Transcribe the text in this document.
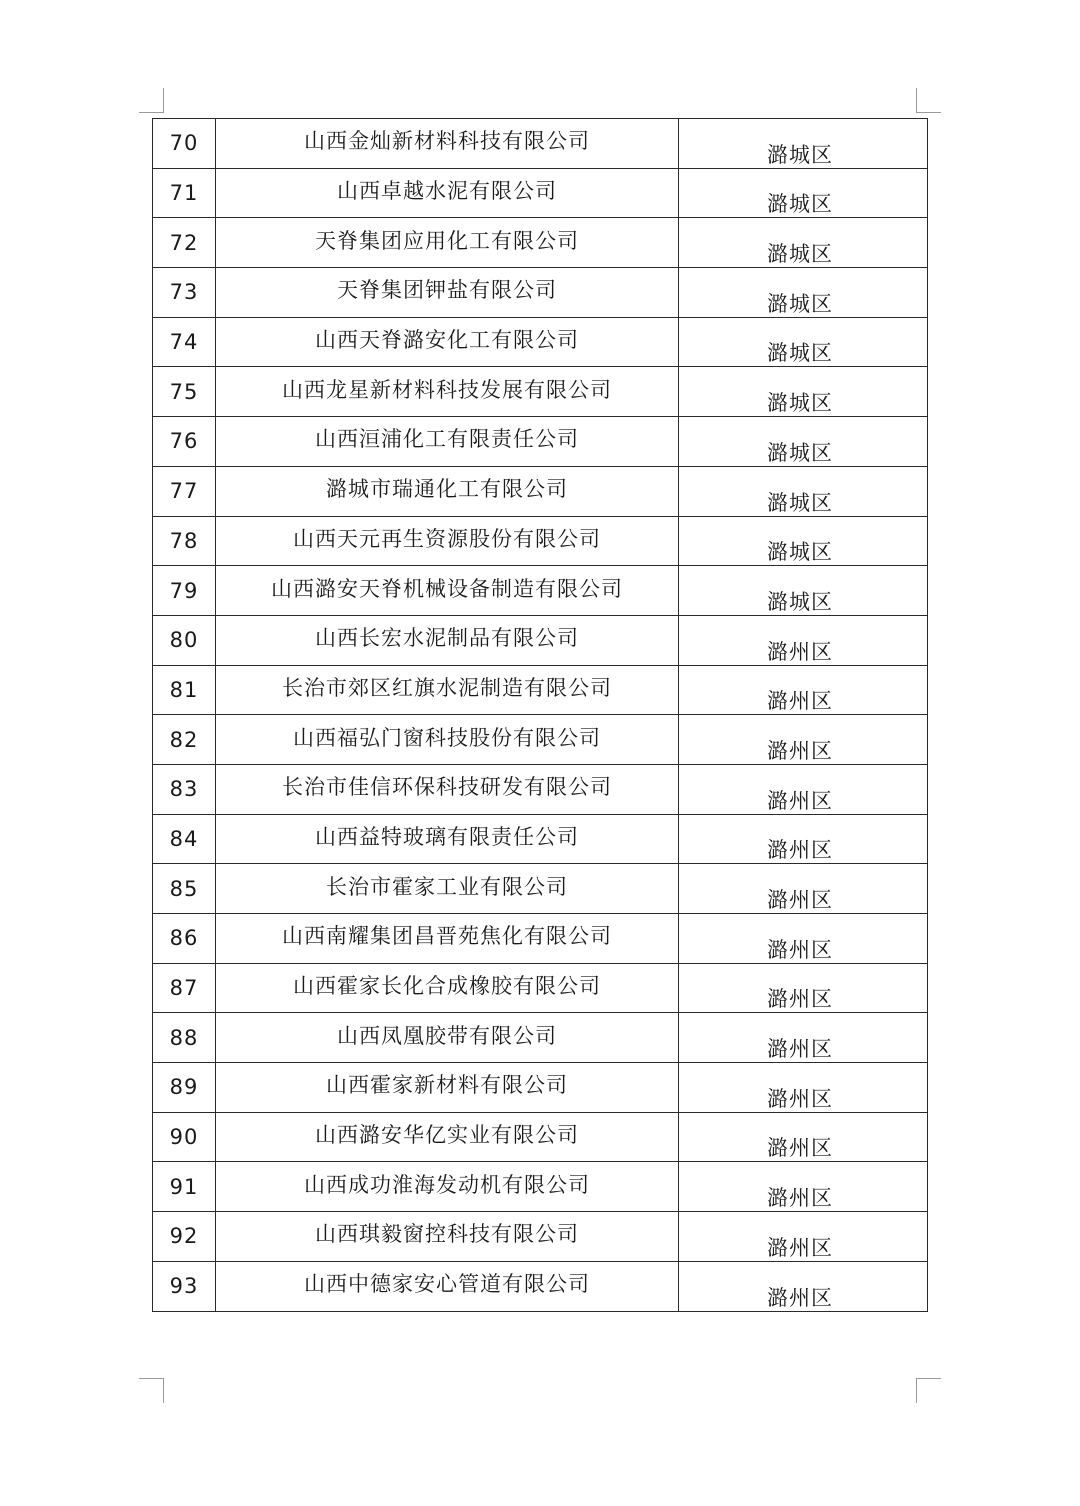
70	山西金灿新材料科技有限公司	潞城区
71	山西卓越水泥有限公司	潞城区
72	天脊集团应用化工有限公司	潞城区
73	天脊集团钾盐有限公司	潞城区
74	山西天脊潞安化工有限公司	潞城区
75	山西龙星新材料科技发展有限公司	潞城区
76	山西洹浦化工有限责任公司	潞城区
77	潞城市瑞通化工有限公司	潞城区
78	山西天元再生资源股份有限公司	潞城区
79	山西潞安天脊机械设备制造有限公司	潞城区
80	山西长宏水泥制品有限公司	潞州区
81	长治市郊区红旗水泥制造有限公司	潞州区
82	山西福弘门窗科技股份有限公司	潞州区
83	长治市佳信环保科技研发有限公司	潞州区
84	山西益特玻璃有限责任公司	潞州区
85	长治市霍家工业有限公司	潞州区
86	山西南耀集团昌晋苑焦化有限公司	潞州区
87	山西霍家长化合成橡胶有限公司	潞州区
88	山西凤凰胶带有限公司	潞州区
89	山西霍家新材料有限公司	潞州区
90	山西潞安华亿实业有限公司	潞州区
91	山西成功淮海发动机有限公司	潞州区
92	山西琪毅窗控科技有限公司	潞州区
93	山西中德家安心管道有限公司	潞州区
